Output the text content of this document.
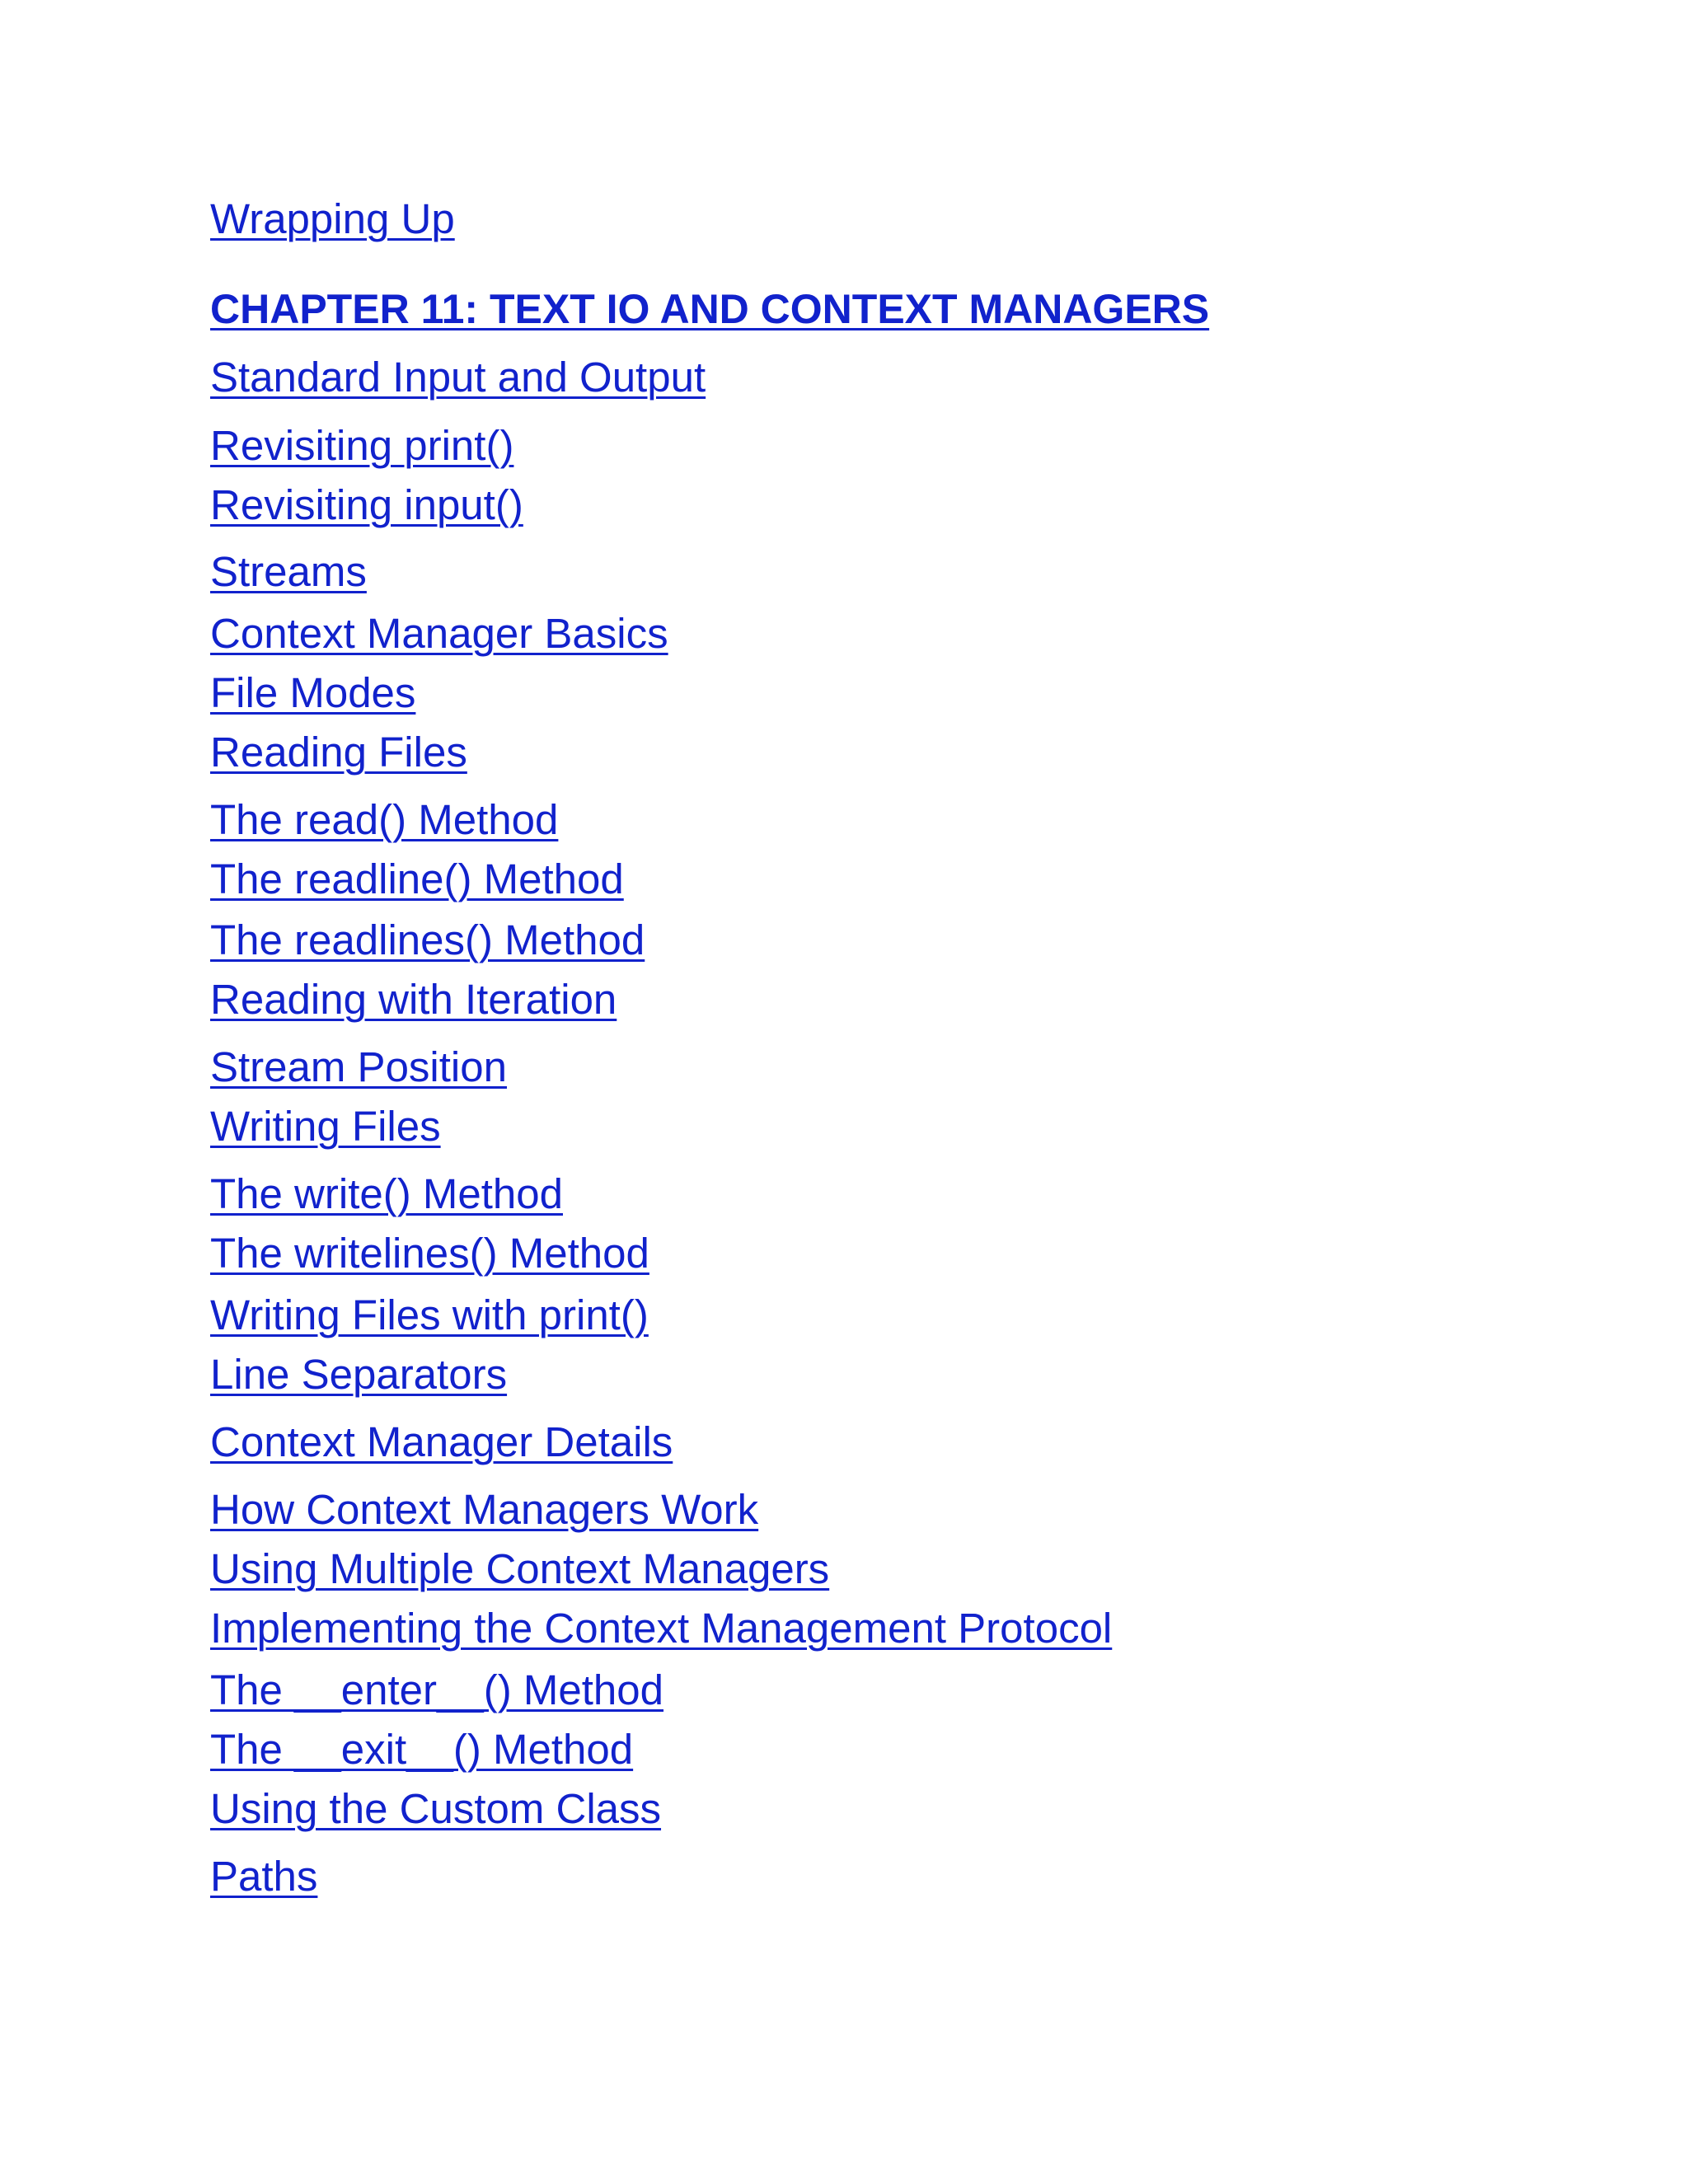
Wrapping Up
CHAPTER 11: TEXT IO AND CONTEXT MANAGERS
Standard Input and Output
Revisiting print()
Revisiting input()
Streams
Context Manager Basics
File Modes
Reading Files
The read() Method
The readline() Method
The readlines() Method
Reading with Iteration
Stream Position
Writing Files
The write() Method
The writelines() Method
Writing Files with print()
Line Separators
Context Manager Details
How Context Managers Work
Using Multiple Context Managers
Implementing the Context Management Protocol
The __enter__() Method
The __exit__() Method
Using the Custom Class
Paths
